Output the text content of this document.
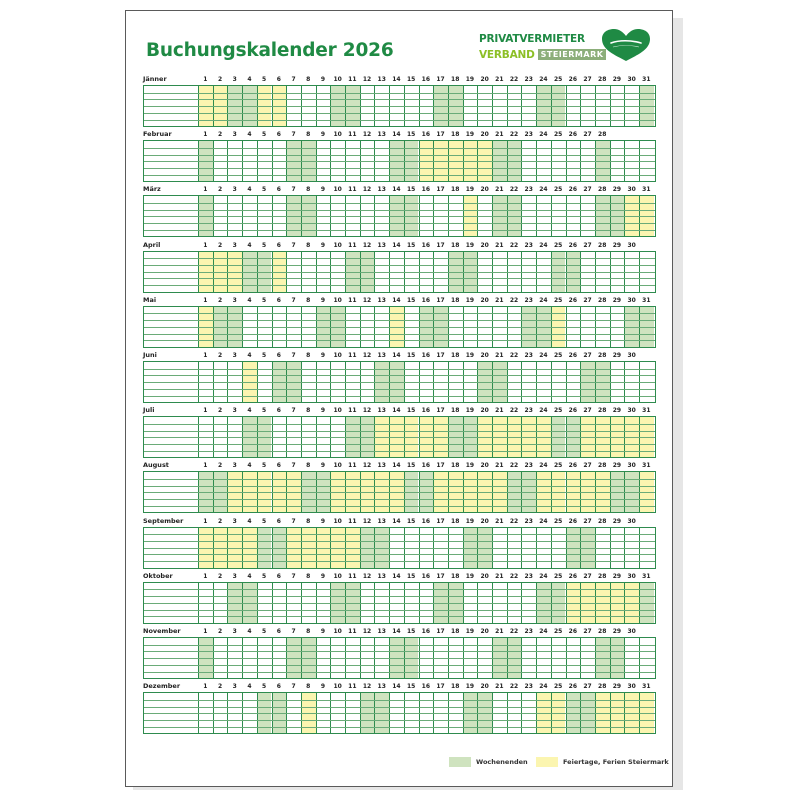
Buchungskalender 2026
PRIVATVERMIETER
VERBAND STEIERMARK
Jänner	1	2	3	4	5	6	7	8	9	10	11	12	13	14	15	16	17	18	19	20	21	22	23	24	25	26	27	28	29	30	31
Februar	1	2	3	4	5	6	7	8	9	10	11	12	13	14	15	16	17	18	19	20	21	22	23	24	25	26	27	28
März	1	2	3	4	5	6	7	8	9	10	11	12	13	14	15	16	17	18	19	20	21	22	23	24	25	26	27	28	29	30	31
April	1	2	3	4	5	6	7	8	9	10	11	12	13	14	15	16	17	18	19	20	21	22	23	24	25	26	27	28	29	30
Mai	1	2	3	4	5	6	7	8	9	10	11	12	13	14	15	16	17	18	19	20	21	22	23	24	25	26	27	28	29	30	31
Juni	1	2	3	4	5	6	7	8	9	10	11	12	13	14	15	16	17	18	19	20	21	22	23	24	25	26	27	28	29	30
Juli	1	2	3	4	5	6	7	8	9	10	11	12	13	14	15	16	17	18	19	20	21	22	23	24	25	26	27	28	29	30	31
August	1	2	3	4	5	6	7	8	9	10	11	12	13	14	15	16	17	18	19	20	21	22	23	24	25	26	27	28	29	30	31
September	1	2	3	4	5	6	7	8	9	10	11	12	13	14	15	16	17	18	19	20	21	22	23	24	25	26	27	28	29	30
Oktober	1	2	3	4	5	6	7	8	9	10	11	12	13	14	15	16	17	18	19	20	21	22	23	24	25	26	27	28	29	30	31
November	1	2	3	4	5	6	7	8	9	10	11	12	13	14	15	16	17	18	19	20	21	22	23	24	25	26	27	28	29	30
Dezember	1	2	3	4	5	6	7	8	9	10	11	12	13	14	15	16	17	18	19	20	21	22	23	24	25	26	27	28	29	30	31
Wochenenden	Feiertage, Ferien Steiermark
